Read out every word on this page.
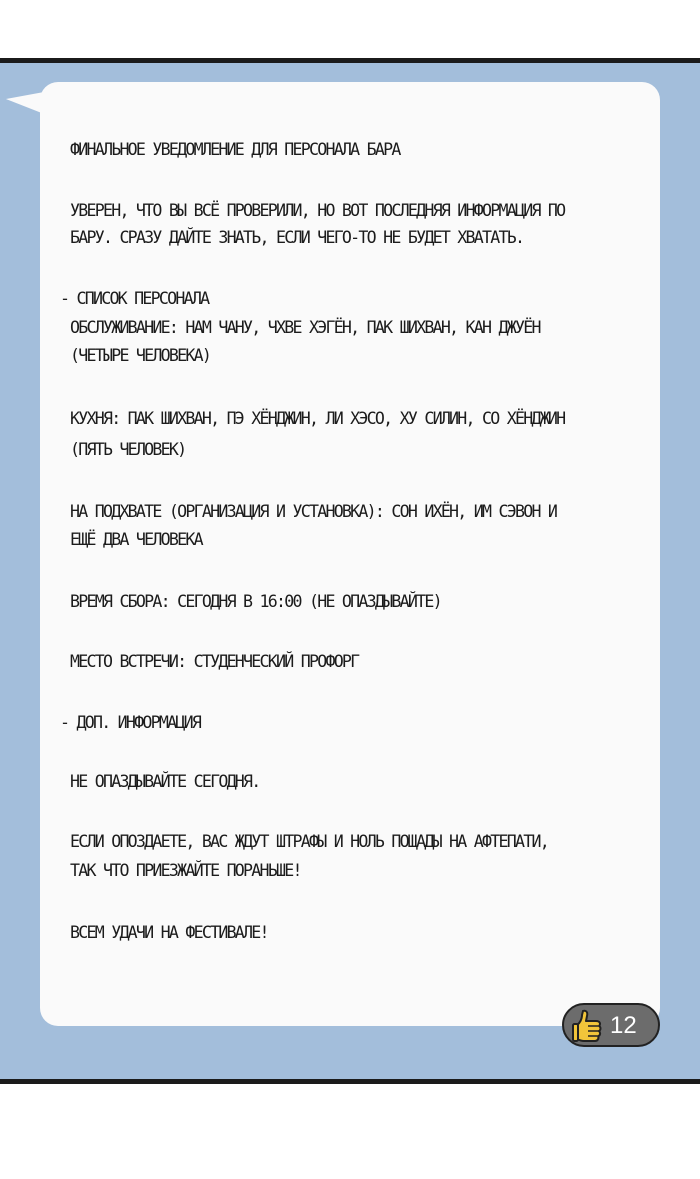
ФИНАЛЬНОЕ УВЕДОМЛЕНИЕ ДЛЯ ПЕРСОНАЛА БАРА

УВЕРЕН, ЧТО ВЫ ВСЁ ПРОВЕРИЛИ, НО ВОТ ПОСЛЕДНЯЯ ИНФОРМАЦИЯ ПО

БАРУ. СРАЗУ ДАЙТЕ ЗНАТЬ, ЕСЛИ ЧЕГО-ТО НЕ БУДЕТ ХВАТАТЬ.

- СПИСОК ПЕРСОНАЛА

ОБСЛУЖИВАНИЕ: НАМ ЧАНУ, ЧХВЕ ХЭГЁН, ПАК ШИХВАН, КАН ДЖУЁН

(ЧЕТЫРЕ ЧЕЛОВЕКА)

КУХНЯ: ПАК ШИХВАН, ПЭ ХЁНДЖИН, ЛИ ХЭСО, ХУ СИЛИН, СО ХЁНДЖИН

(ПЯТЬ ЧЕЛОВЕК)

НА ПОДХВАТЕ (ОРГАНИЗАЦИЯ И УСТАНОВКА): СОН ИХЁН, ИМ СЭВОН И

ЕЩЁ ДВА ЧЕЛОВЕКА

ВРЕМЯ СБОРА: СЕГОДНЯ В 16:00 (НЕ ОПАЗДЫВАЙТЕ)

МЕСТО ВСТРЕЧИ: СТУДЕНЧЕСКИЙ ПРОФОРГ

- ДОП. ИНФОРМАЦИЯ

НЕ ОПАЗДЫВАЙТЕ СЕГОДНЯ.

ЕСЛИ ОПОЗДАЕТЕ, ВАС ЖДУТ ШТРАФЫ И НОЛЬ ПОЩАДЫ НА АФТЕПАТИ,

ТАК ЧТО ПРИЕЗЖАЙТЕ ПОРАНЬШЕ!

ВСЕМ УДАЧИ НА ФЕСТИВАЛЕ!

12
